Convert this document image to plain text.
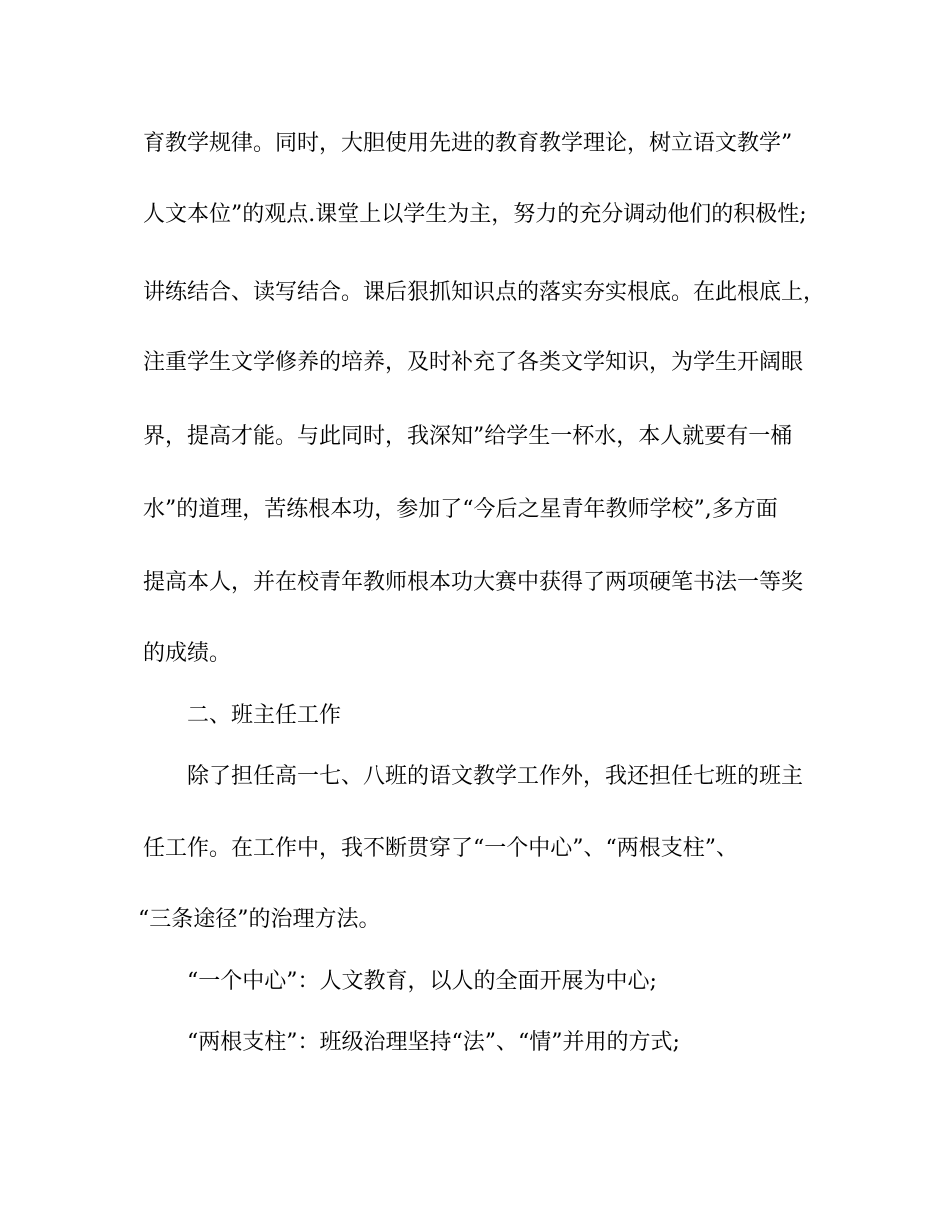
育教学规律。同时，大胆使用先进的教育教学理论，树立语文教学”
人文本位”的观点.课堂上以学生为主，努力的充分调动他们的积极性;
讲练结合、读写结合。课后狠抓知识点的落实夯实根底。在此根底上，
注重学生文学修养的培养，及时补充了各类文学知识，为学生开阔眼
界，提高才能。与此同时，我深知”给学生一杯水，本人就要有一桶
水”的道理，苦练根本功，参加了“今后之星青年教师学校”,多方面
提高本人，并在校青年教师根本功大赛中获得了两项硬笔书法一等奖
的成绩。
二、班主任工作
除了担任高一七、八班的语文教学工作外，我还担任七班的班主
任工作。在工作中，我不断贯穿了“一个中心”、“两根支柱”、
“三条途径”的治理方法。
“一个中心”：人文教育，以人的全面开展为中心;
“两根支柱”：班级治理坚持“法”、“情”并用的方式;
